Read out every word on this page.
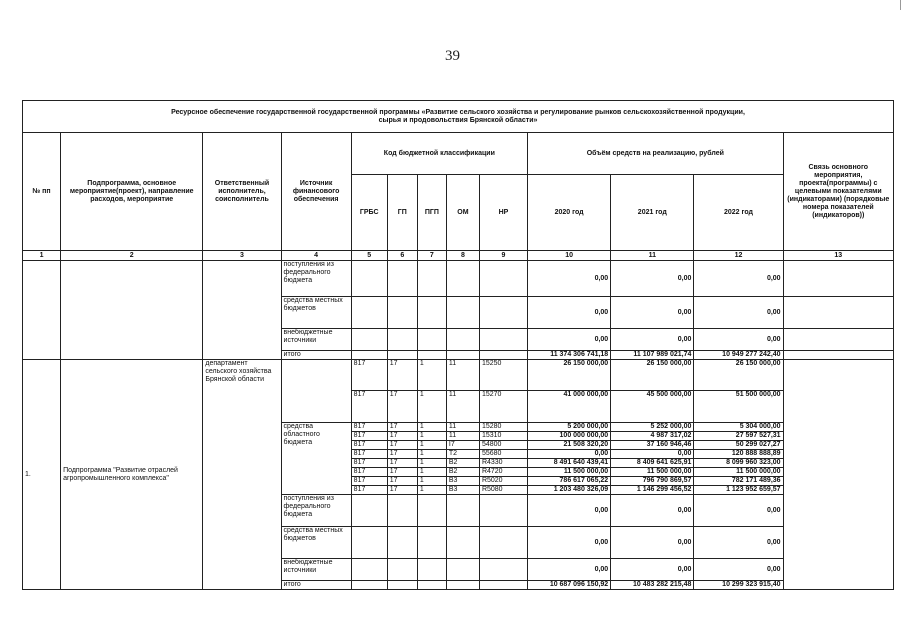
39
Ресурсное обеспечение государственной государственной программы «Развитие сельского хозяйства и регулирование рынков сельскохозяйственной продукции,
сырья и продовольствия Брянской области»												
№ пп	Подпрограмма, основное мероприятие(проект), направление расходов, мероприятие	Ответственный исполнитель, соисполнитель	Источник финансового обеспечения	Код бюджетной классификации					Объём средств на реализацию, рублей			Связь основного мероприятия, проекта(программы) с целевыми показателями (индикаторами) (порядковые номера показателей (индикаторов))
				ГРБС	ГП	ПГП	ОМ	НР	2020 год	2021 год	2022 год	
1	2	3	4	5	6	7	8	9	10	11	12	13
			поступления из федерального бюджета						0,00	0,00	0,00	
			средства местных бюджетов						0,00	0,00	0,00	
			внебюджетные источники						0,00	0,00	0,00	
			итого						11 374 306 741,18	11 107 989 021,74	10 949 277 242,40	
1.	Подпрограмма "Развитие отраслей агропромышленного комплекса"	департамент сельского хозяйства Брянской области		817	17	1	11	15250	26 150 000,00	26 150 000,00	26 150 000,00	
				817	17	1	11	15270	41 000 000,00	45 500 000,00	51 500 000,00	
			средства областного бюджета	817	17	1	11	15280	5 200 000,00	5 252 000,00	5 304 000,00	
				817	17	1	11	15310	100 000 000,00	4 987 317,02	27 597 527,31	
				817	17	1	I7	54800	21 508 320,20	37 160 946,46	50 299 027,27	
				817	17	1	T2	55680	0,00	0,00	120 888 888,89	
				817	17	1	B2	R4330	8 491 640 439,41	8 409 641 625,91	8 099 960 323,00	
				817	17	1	B2	R4720	11 500 000,00	11 500 000,00	11 500 000,00	
				817	17	1	B3	R5020	786 617 065,22	796 790 869,57	782 171 489,36	
				817	17	1	B3	R5080	1 203 480 326,09	1 146 299 456,52	1 123 952 659,57	
			поступления из федерального бюджета						0,00	0,00	0,00	
			средства местных бюджетов						0,00	0,00	0,00	
			внебюджетные источники						0,00	0,00	0,00	
			итого						10 687 096 150,92	10 483 282 215,48	10 299 323 915,40	
